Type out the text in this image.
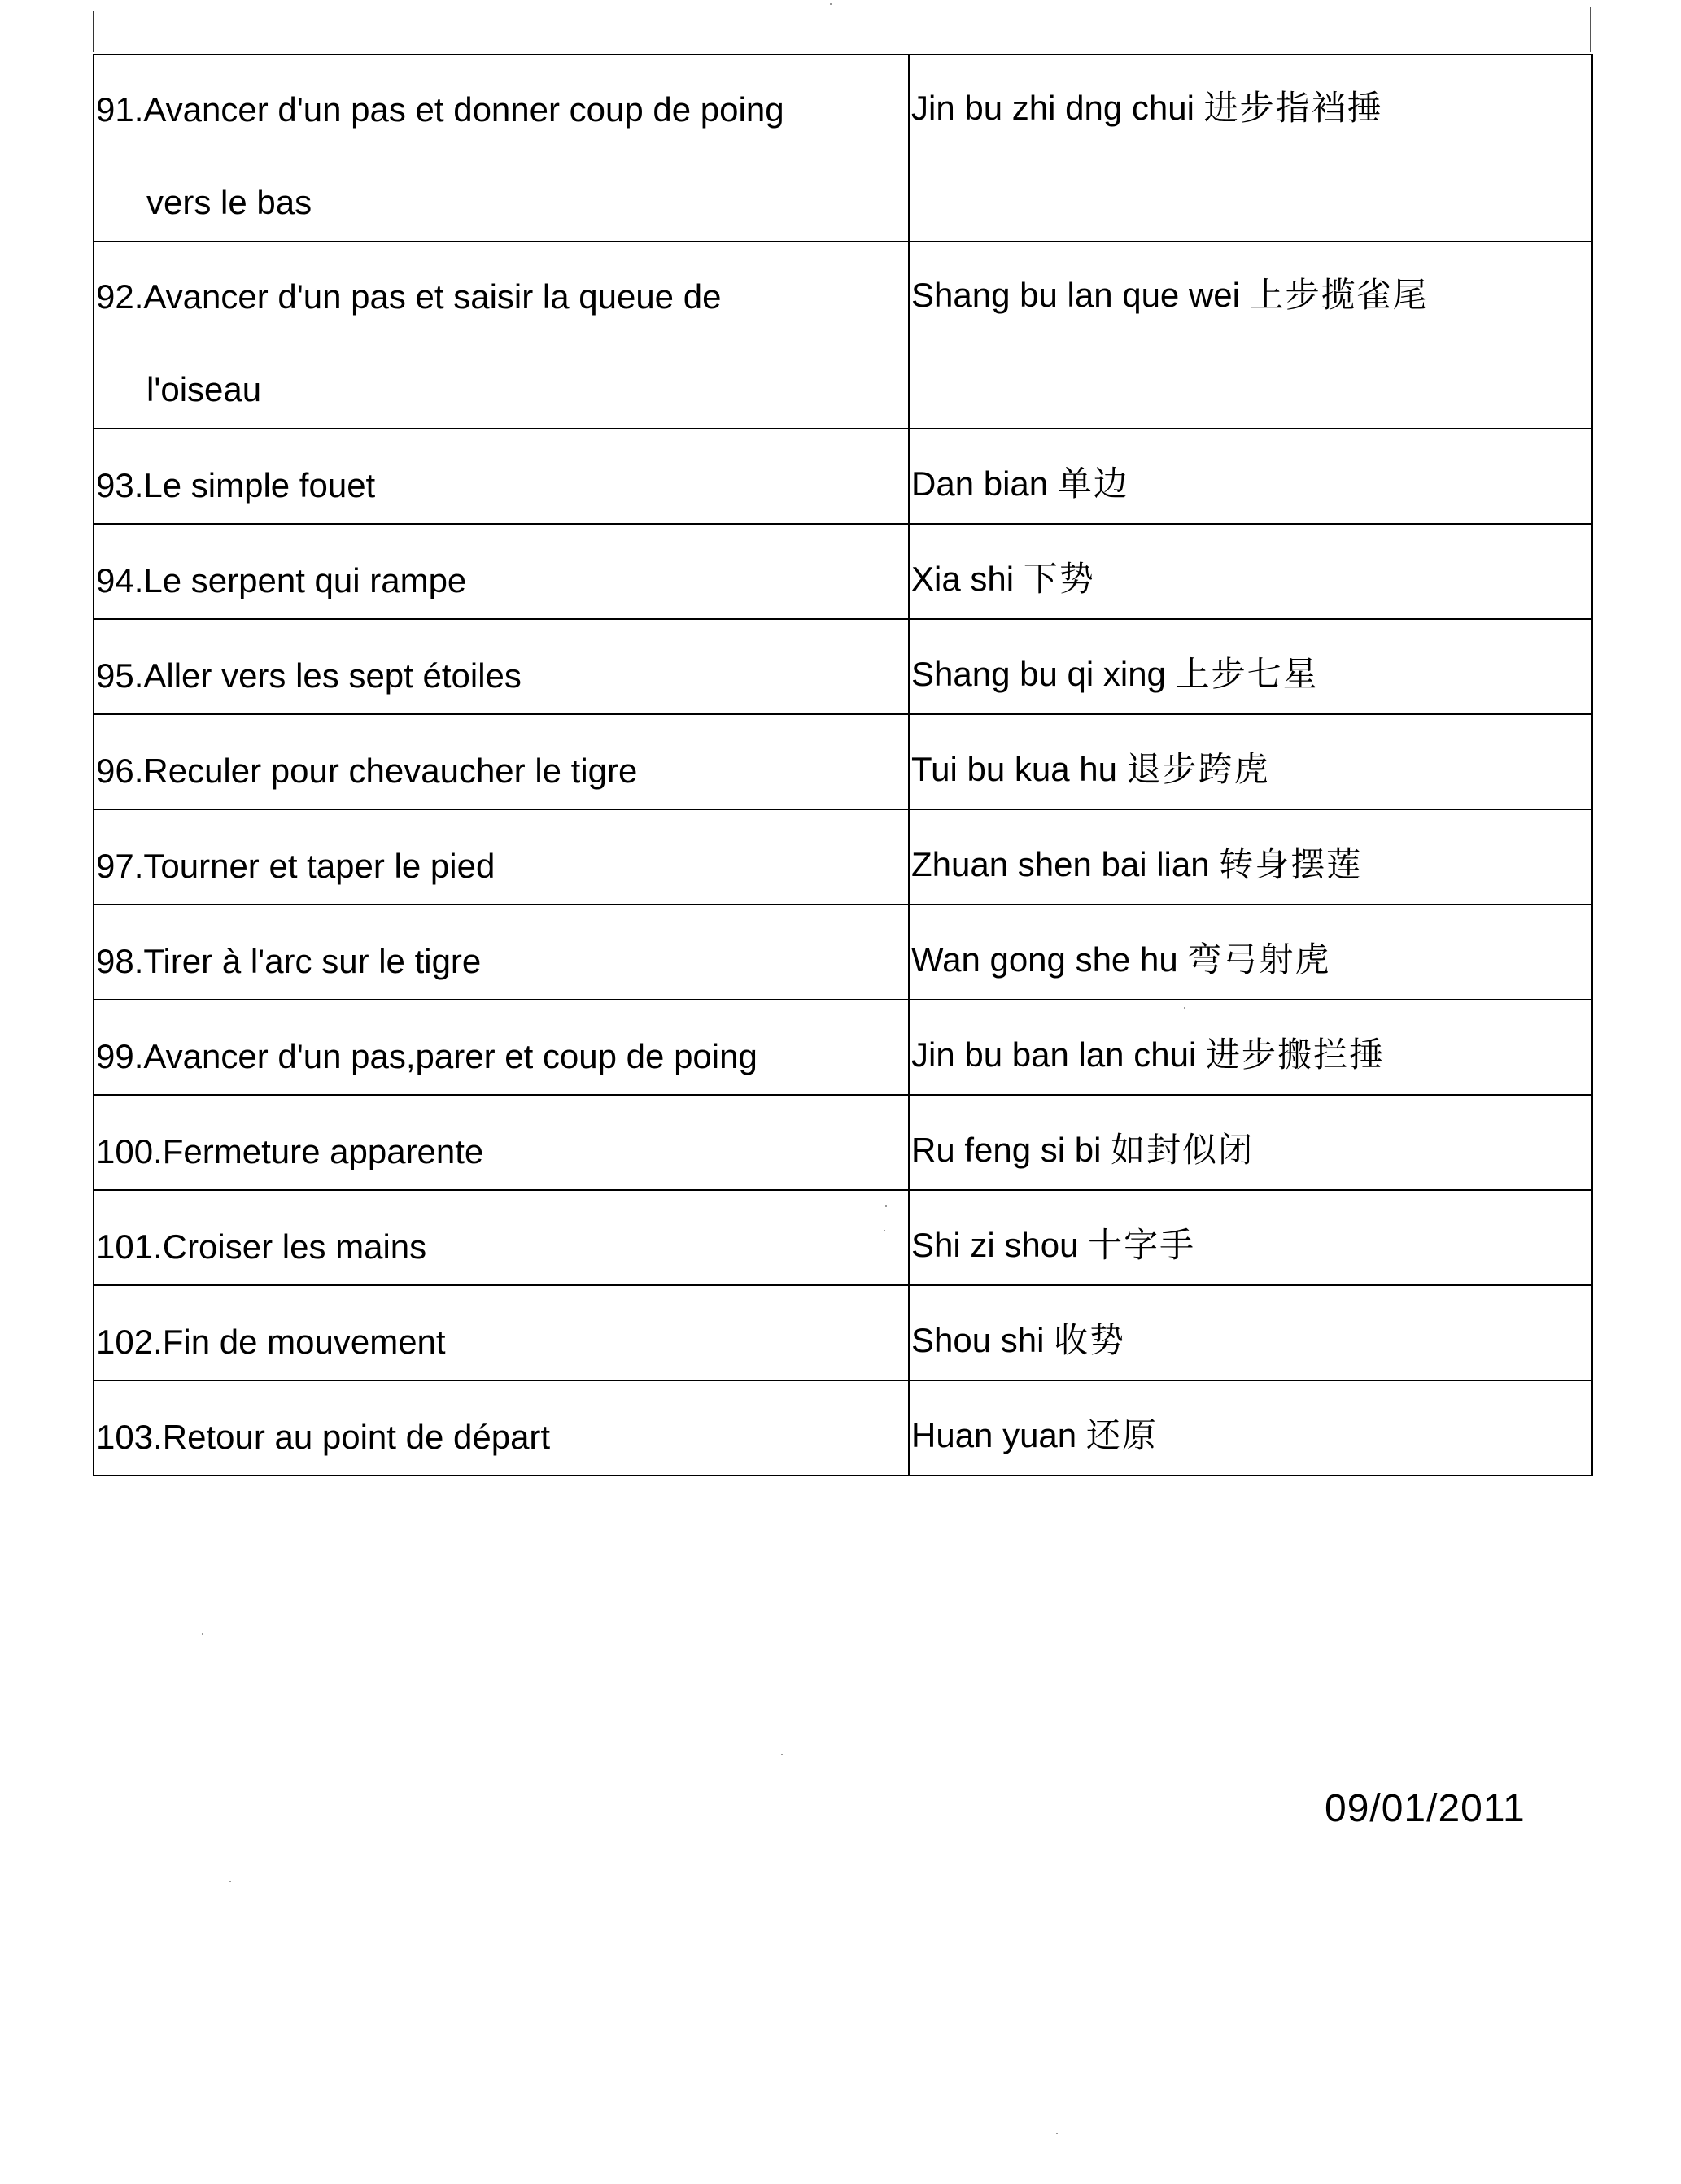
91.Avancer d'un pas et donner coup de poing
vers le bas	Jin bu zhi dng chui 进步指裆捶

92.Avancer d'un pas et saisir la queue de
l'oiseau	Shang bu lan que wei 上步揽雀尾

93.Le simple fouet	Dan bian 单边

94.Le serpent qui rampe	Xia shi 下势

95.Aller vers les sept étoiles	Shang bu qi xing 上步七星

96.Reculer pour chevaucher le tigre	Tui bu kua hu 退步跨虎

97.Tourner et taper le pied	Zhuan shen bai lian 转身摆莲

98.Tirer à l'arc sur le tigre	Wan gong she hu 弯弓射虎

99.Avancer d'un pas,parer et coup de poing	Jin bu ban lan chui 进步搬拦捶

100.Fermeture apparente	Ru feng si bi 如封似闭

101.Croiser les mains	Shi zi shou 十字手

102.Fin de mouvement	Shou shi 收势

103.Retour au point de départ	Huan yuan 还原
09/01/2011
